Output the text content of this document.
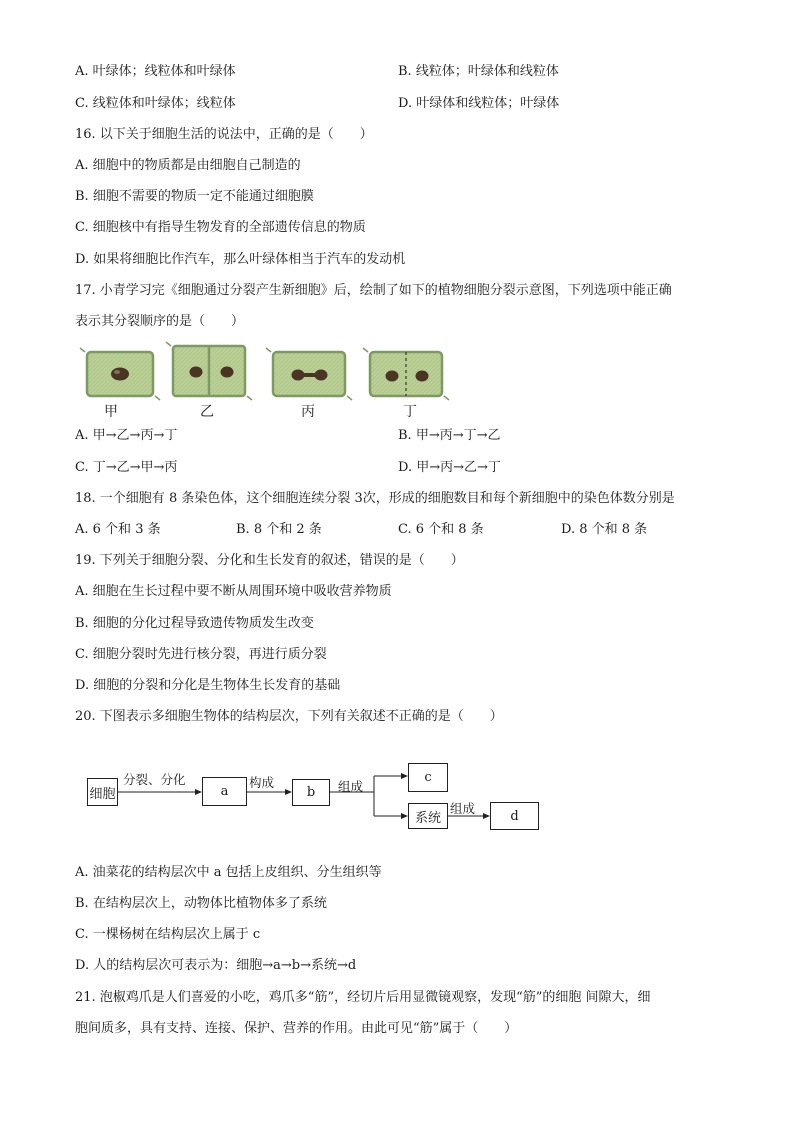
A. 叶绿体；线粒体和叶绿体	B. 线粒体；叶绿体和线粒体
C. 线粒体和叶绿体；线粒体	D. 叶绿体和线粒体；叶绿体
16. 以下关于细胞生活的说法中，正确的是（　　）
A. 细胞中的物质都是由细胞自己制造的
B. 细胞不需要的物质一定不能通过细胞膜
C. 细胞核中有指导生物发育的全部遗传信息的物质
D. 如果将细胞比作汽车，那么叶绿体相当于汽车的发动机
17. 小青学习完《细胞通过分裂产生新细胞》后，绘制了如下的植物细胞分裂示意图，下列选项中能正确
表示其分裂顺序的是（　　）
甲	乙	丙	丁
A. 甲→乙→丙→丁	B. 甲→丙→丁→乙
C. 丁→乙→甲→丙	D. 甲→丙→乙→丁
18. 一个细胞有 8 条染色体，这个细胞连续分裂 3次，形成的细胞数目和每个新细胞中的染色体数分别是
A. 6 个和 3 条	B. 8 个和 2 条	C. 6 个和 8 条	D. 8 个和 8 条
19. 下列关于细胞分裂、分化和生长发育的叙述，错误的是（　　）
A. 细胞在生长过程中要不断从周围环境中吸收营养物质
B. 细胞的分化过程导致遗传物质发生改变
C. 细胞分裂时先进行核分裂，再进行质分裂
D. 细胞的分裂和分化是生物体生长发育的基础
20. 下图表示多细胞生物体的结构层次，下列有关叙述不正确的是（　　）
细胞
分裂、分化
a
构成
b	组成
c
系统
组成	d
A. 油菜花的结构层次中 a 包括上皮组织、分生组织等
B. 在结构层次上，动物体比植物体多了系统
C. 一棵杨树在结构层次上属于 c
D. 人的结构层次可表示为：细胞→a→b→系统→d
21. 泡椒鸡爪是人们喜爱的小吃，鸡爪多“筋”，经切片后用显微镜观察，发现“筋”的细胞 间隙大，细
胞间质多，具有支持、连接、保护、营养的作用。由此可见“筋”属于（　　）
